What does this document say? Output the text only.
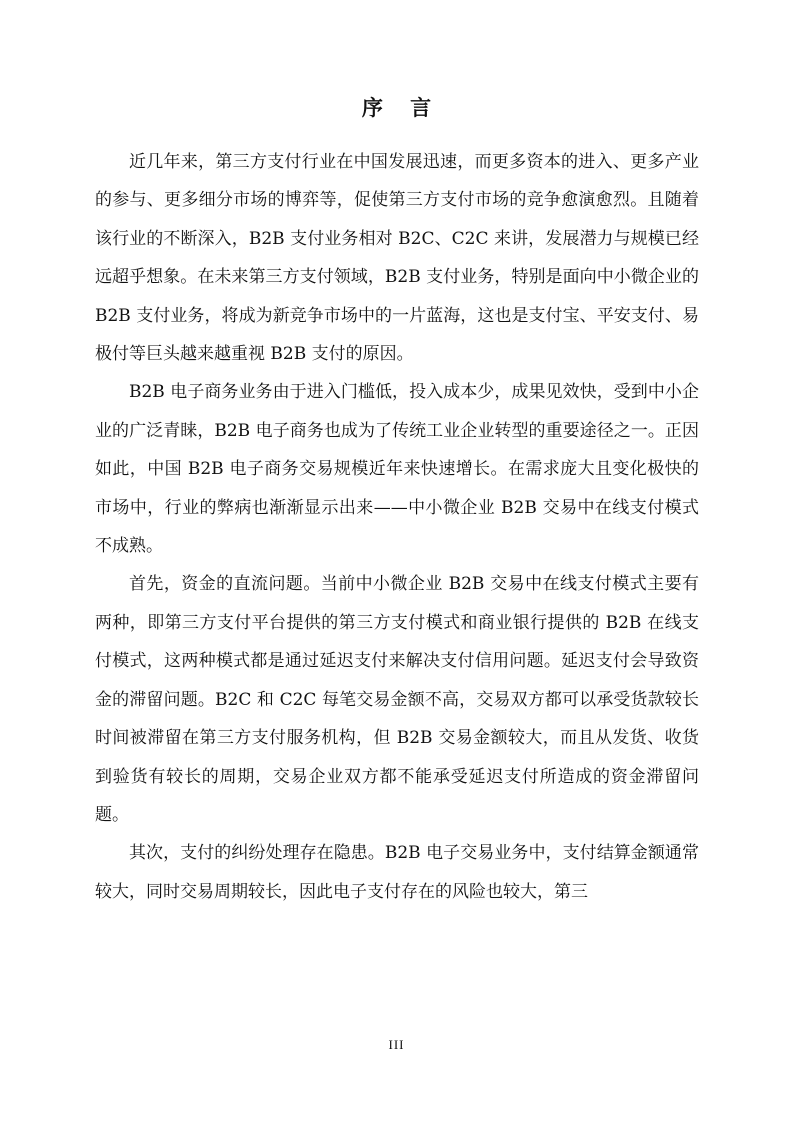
序 言

近几年来，第三方支付行业在中国发展迅速，而更多资本的进入、更多产业的参与、更多细分市场的博弈等，促使第三方支付市场的竞争愈演愈烈。且随着该行业的不断深入，B2B 支付业务相对 B2C、C2C 来讲，发展潜力与规模已经远超乎想象。在未来第三方支付领域，B2B 支付业务，特别是面向中小微企业的 B2B 支付业务，将成为新竞争市场中的一片蓝海，这也是支付宝、平安支付、易极付等巨头越来越重视 B2B 支付的原因。

B2B 电子商务业务由于进入门槛低，投入成本少，成果见效快，受到中小企业的广泛青睐，B2B 电子商务也成为了传统工业企业转型的重要途径之一。正因如此，中国 B2B 电子商务交易规模近年来快速增长。在需求庞大且变化极快的市场中，行业的弊病也渐渐显示出来——中小微企业 B2B 交易中在线支付模式不成熟。

首先，资金的直流问题。当前中小微企业 B2B 交易中在线支付模式主要有两种，即第三方支付平台提供的第三方支付模式和商业银行提供的 B2B 在线支付模式，这两种模式都是通过延迟支付来解决支付信用问题。延迟支付会导致资金的滞留问题。B2C 和 C2C 每笔交易金额不高，交易双方都可以承受货款较长时间被滞留在第三方支付服务机构，但 B2B 交易金额较大，而且从发货、收货到验货有较长的周期，交易企业双方都不能承受延迟支付所造成的资金滞留问题。

其次，支付的纠纷处理存在隐患。B2B 电子交易业务中，支付结算金额通常较大，同时交易周期较长，因此电子支付存在的风险也较大，第三

III
